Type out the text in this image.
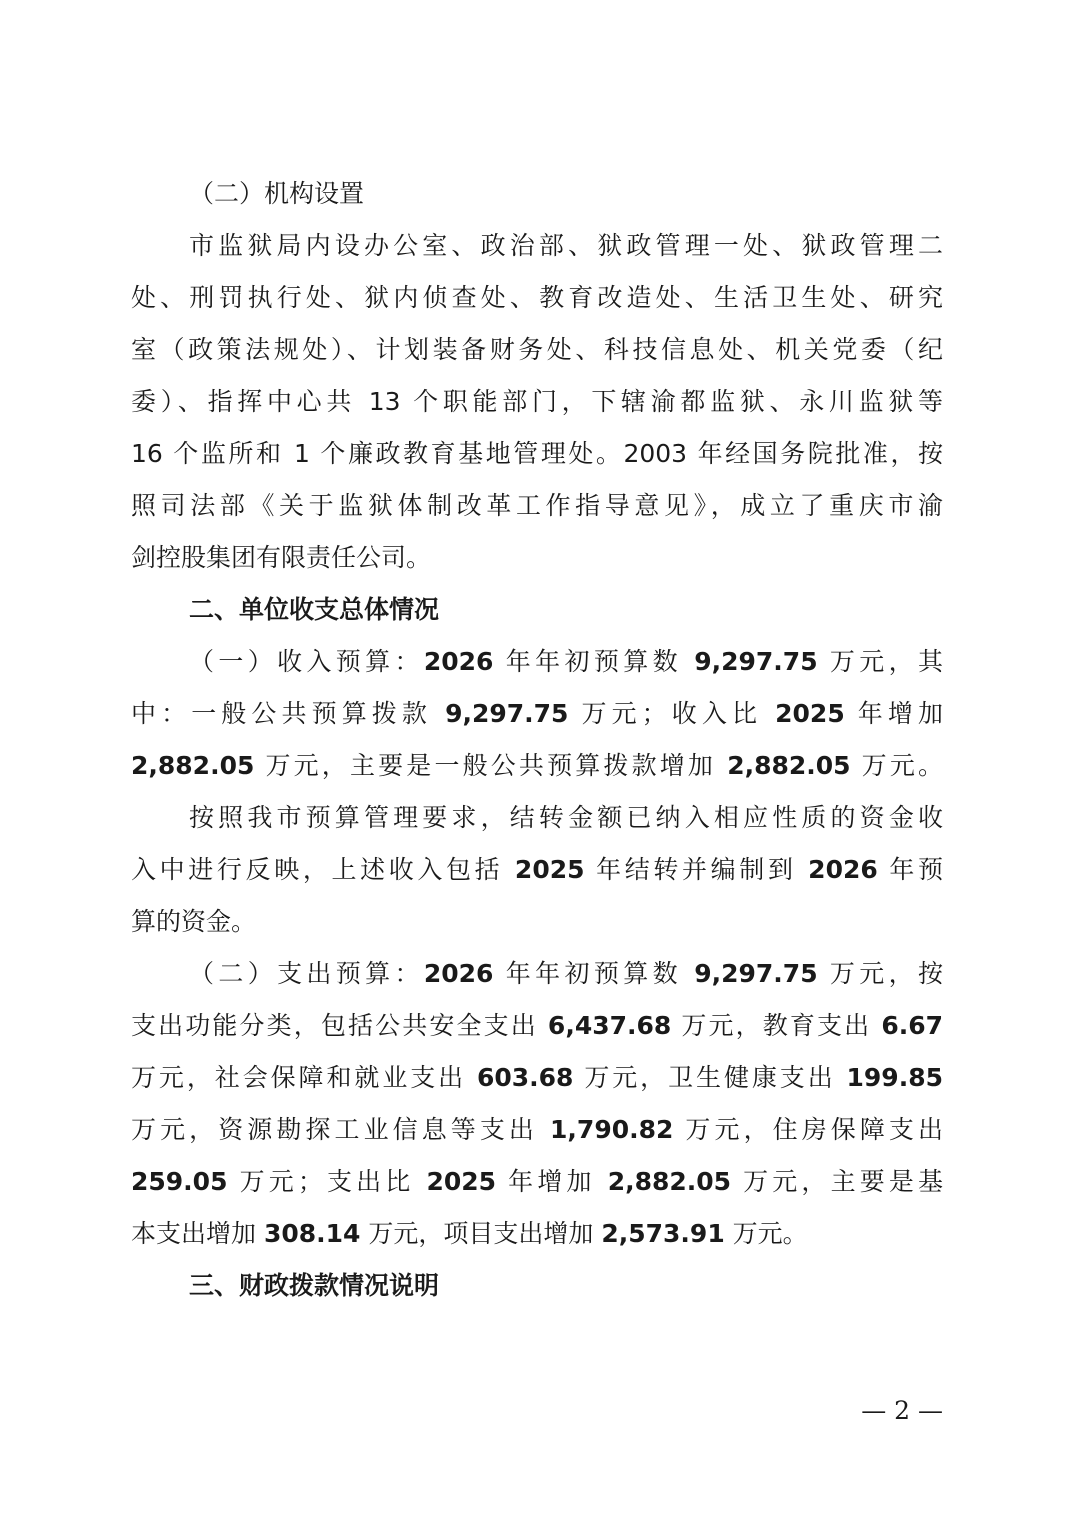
（二）机构设置
市监狱局内设办公室、政治部、狱政管理一处、狱政管理二
处、刑罚执行处、狱内侦查处、教育改造处、生活卫生处、研究
室（政策法规处）、计划装备财务处、科技信息处、机关党委（纪
委）、指挥中心共 13 个职能部门，下辖渝都监狱、永川监狱等
16 个监所和 1 个廉政教育基地管理处。2003 年经国务院批准，按
照司法部《关于监狱体制改革工作指导意见》，成立了重庆市渝
剑控股集团有限责任公司。
二、单位收支总体情况
（一）收入预算：2026 年年初预算数 9,297.75 万元，其
中：一般公共预算拨款 9,297.75 万元；收入比 2025 年增加
2,882.05 万元，主要是一般公共预算拨款增加 2,882.05 万元。
按照我市预算管理要求，结转金额已纳入相应性质的资金收
入中进行反映，上述收入包括 2025 年结转并编制到 2026 年预
算的资金。
（二）支出预算：2026 年年初预算数 9,297.75 万元，按
支出功能分类，包括公共安全支出 6,437.68 万元，教育支出 6.67
万元，社会保障和就业支出 603.68 万元，卫生健康支出 199.85
万元，资源勘探工业信息等支出 1,790.82 万元，住房保障支出
259.05 万元；支出比 2025 年增加 2,882.05 万元，主要是基
本支出增加 308.14 万元，项目支出增加 2,573.91 万元。
三、财政拨款情况说明
— 2 —
